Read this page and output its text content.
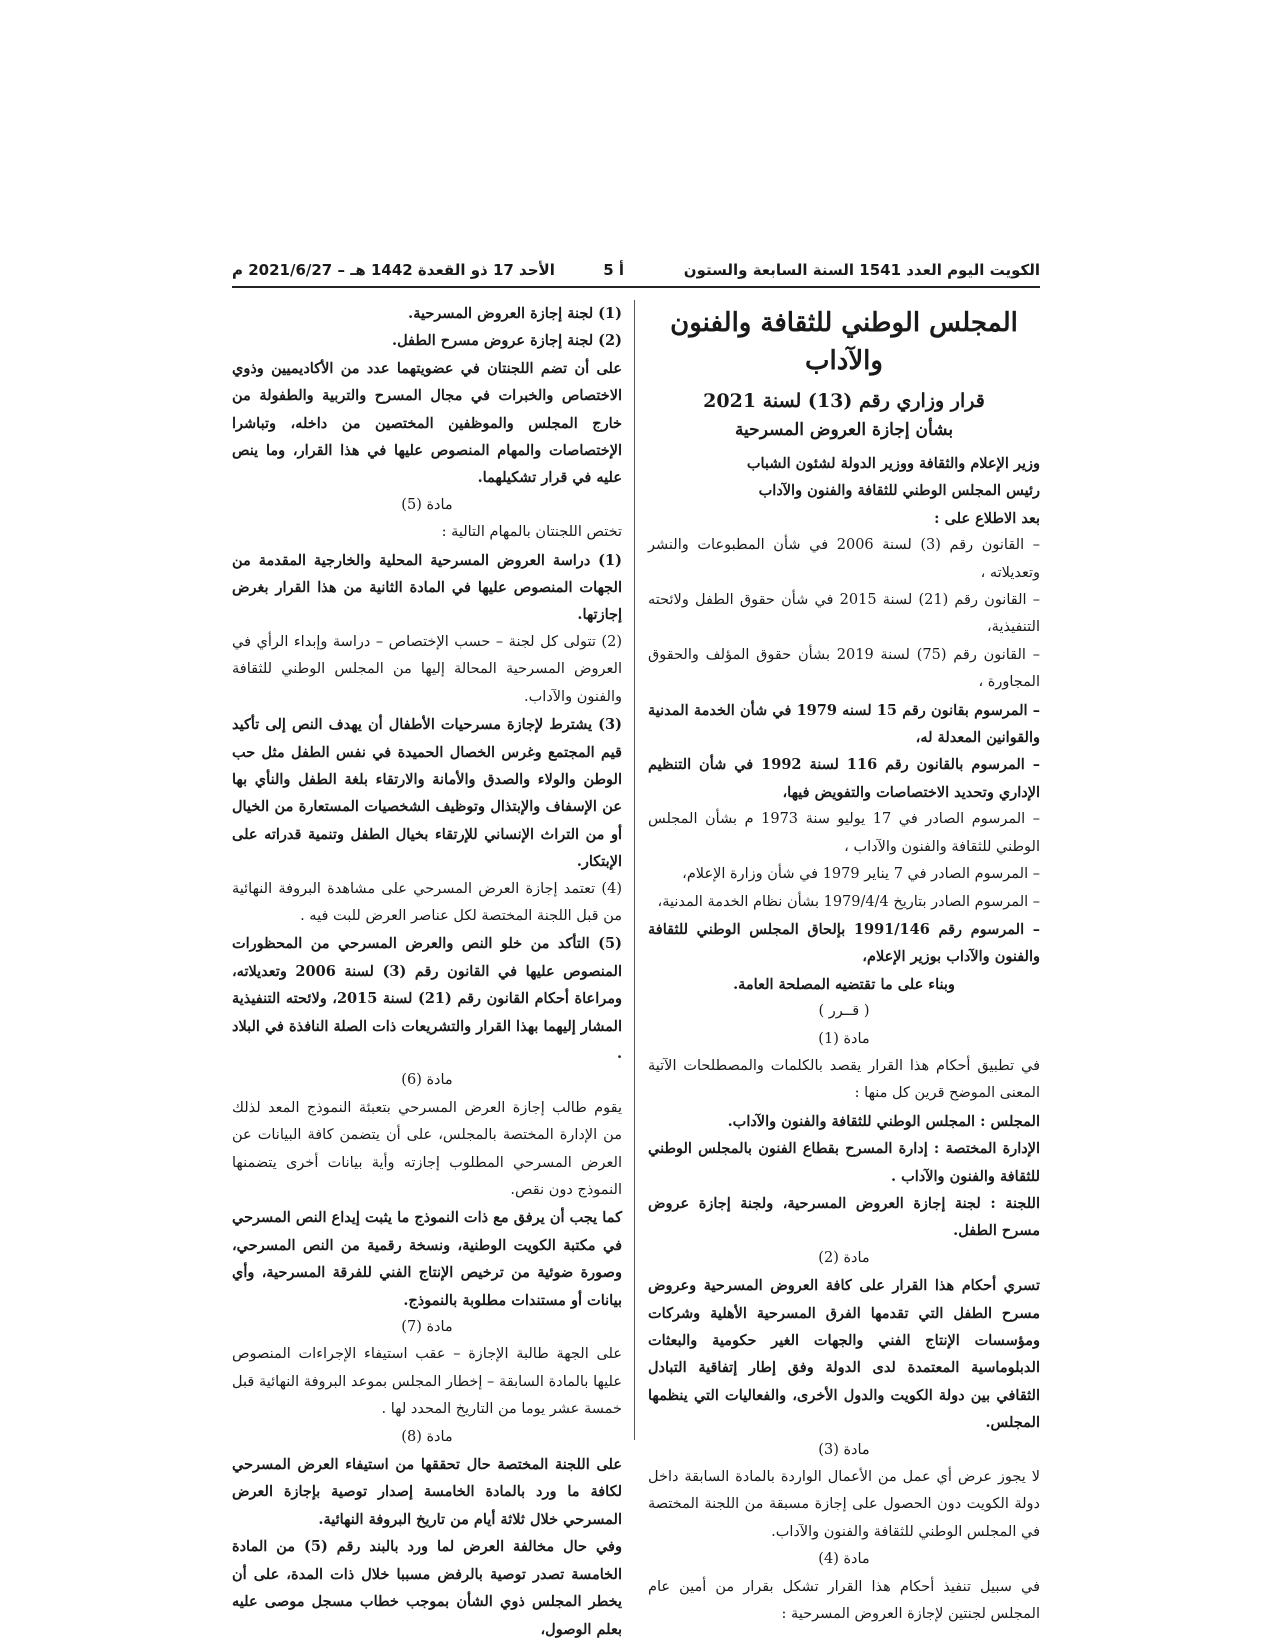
الكويت اليوم العدد 1541 السنة السابعة والستون
أ 5
الأحد 17 ذو القعدة 1442 هـ – 2021/6/27 م
المجلس الوطني للثقافة والفنون والآداب
قرار وزاري رقم (13) لسنة 2021
بشأن إجازة العروض المسرحية

وزير الإعلام والثقافة ووزير الدولة لشئون الشباب

رئيس المجلس الوطني للثقافة والفنون والآداب

بعد الاطلاع على :

– القانون رقم (3) لسنة 2006 في شأن المطبوعات والنشر وتعديلاته ،

– القانون رقم (21) لسنة 2015 في شأن حقوق الطفل ولائحته التنفيذية،

– القانون رقم (75) لسنة 2019 بشأن حقوق المؤلف والحقوق المجاورة ،

– المرسوم بقانون رقم 15 لسنه 1979 في شأن الخدمة المدنية والقوانين المعدلة له،

– المرسوم بالقانون رقم 116 لسنة 1992 في شأن التنظيم الإداري وتحديد الاختصاصات والتفويض فيها،

– المرسوم الصادر في 17 يوليو سنة 1973 م بشأن المجلس الوطني للثقافة والفنون والآداب ،

– المرسوم الصادر في 7 يناير 1979 في شأن وزارة الإعلام،

– المرسوم الصادر بتاريخ 1979/4/4 بشأن نظام الخدمة المدنية،

– المرسوم رقم 1991/146 بإلحاق المجلس الوطني للثقافة والفنون والآداب بوزير الإعلام،

وبناء على ما تقتضيه المصلحة العامة.

( قــرر )

مادة (1)

في تطبيق أحكام هذا القرار يقصد بالكلمات والمصطلحات الآتية المعنى الموضح قرين كل منها :

المجلس : المجلس الوطني للثقافة والفنون والآداب.

الإدارة المختصة : إدارة المسرح بقطاع الفنون بالمجلس الوطني للثقافة والفنون والآداب .

اللجنة : لجنة إجازة العروض المسرحية، ولجنة إجازة عروض مسرح الطفل.

مادة (2)

تسري أحكام هذا القرار على كافة العروض المسرحية وعروض مسرح الطفل التي تقدمها الفرق المسرحية الأهلية وشركات ومؤسسات الإنتاج الفني والجهات الغير حكومية والبعثات الدبلوماسية المعتمدة لدى الدولة وفق إطار إتفاقية التبادل الثقافي بين دولة الكويت والدول الأخرى، والفعاليات التي ينظمها المجلس.

مادة (3)

لا يجوز عرض أي عمل من الأعمال الواردة بالمادة السابقة داخل دولة الكويت دون الحصول على إجازة مسبقة من اللجنة المختصة في المجلس الوطني للثقافة والفنون والآداب.

مادة (4)

في سبيل تنفيذ أحكام هذا القرار تشكل بقرار من أمين عام المجلس لجنتين لإجازة العروض المسرحية :

(1) لجنة إجازة العروض المسرحية.

(2) لجنة إجازة عروض مسرح الطفل.

على أن تضم اللجنتان في عضويتهما عدد من الأكاديميين وذوي الاختصاص والخبرات في مجال المسرح والتربية والطفولة من خارج المجلس والموظفين المختصين من داخله، وتباشرا الإختصاصات والمهام المنصوص عليها في هذا القرار، وما ينص عليه في قرار تشكيلهما.

مادة (5)

تختص اللجنتان بالمهام التالية :

(1) دراسة العروض المسرحية المحلية والخارجية المقدمة من الجهات المنصوص عليها في المادة الثانية من هذا القرار بغرض إجازتها.

(2) تتولى كل لجنة – حسب الإختصاص – دراسة وإبداء الرأي في العروض المسرحية المحالة إليها من المجلس الوطني للثقافة والفنون والآداب.

(3) يشترط لإجازة مسرحيات الأطفال أن يهدف النص إلى تأكيد قيم المجتمع وغرس الخصال الحميدة في نفس الطفل مثل حب الوطن والولاء والصدق والأمانة والارتقاء بلغة الطفل والنأي بها عن الإسفاف والإبتذال وتوظيف الشخصيات المستعارة من الخيال أو من التراث الإنساني للإرتقاء بخيال الطفل وتنمية قدراته على الإبتكار.

(4) تعتمد إجازة العرض المسرحي على مشاهدة البروفة النهائية من قبل اللجنة المختصة لكل عناصر العرض للبت فيه .

(5) التأكد من خلو النص والعرض المسرحي من المحظورات المنصوص عليها في القانون رقم (3) لسنة 2006 وتعديلاته، ومراعاة أحكام القانون رقم (21) لسنة 2015، ولائحته التنفيذية المشار إليهما بهذا القرار والتشريعات ذات الصلة النافذة في البلاد .

مادة (6)

يقوم طالب إجازة العرض المسرحي بتعبئة النموذج المعد لذلك من الإدارة المختصة بالمجلس، على أن يتضمن كافة البيانات عن العرض المسرحي المطلوب إجازته وأية بيانات أخرى يتضمنها النموذج دون نقص.

كما يجب أن يرفق مع ذات النموذج ما يثبت إيداع النص المسرحي في مكتبة الكويت الوطنية، ونسخة رقمية من النص المسرحي، وصورة ضوئية من ترخيص الإنتاج الفني للفرقة المسرحية، وأي بيانات أو مستندات مطلوبة بالنموذج.

مادة (7)

على الجهة طالبة الإجازة – عقب استيفاء الإجراءات المنصوص عليها بالمادة السابقة – إخطار المجلس بموعد البروفة النهائية قبل خمسة عشر يوما من التاريخ المحدد لها .

مادة (8)

على اللجنة المختصة حال تحققها من استيفاء العرض المسرحي لكافة ما ورد بالمادة الخامسة إصدار توصية بإجازة العرض المسرحي خلال ثلاثة أيام من تاريخ البروفة النهائية.

وفي حال مخالفة العرض لما ورد بالبند رقم (5) من المادة الخامسة تصدر توصية بالرفض مسببا خلال ذات المدة، على أن يخطر المجلس ذوي الشأن بموجب خطاب مسجل موصى عليه بعلم الوصول،
